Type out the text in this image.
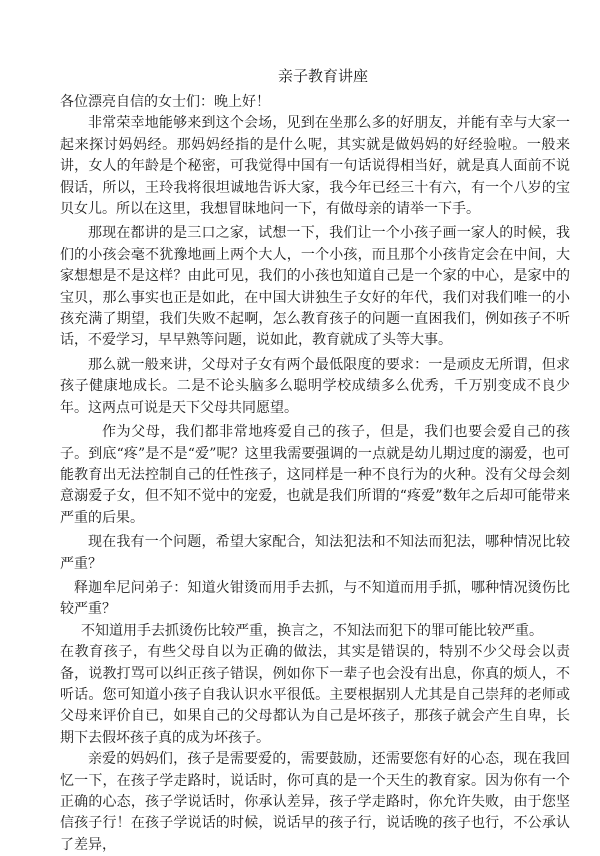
亲子教育讲座

各位漂亮自信的女士们：晚上好！

非常荣幸地能够来到这个会场，见到在坐那么多的好朋友，并能有幸与大家一起来探讨妈妈经。那妈妈经指的是什么呢，其实就是做妈妈的好经验啦。一般来讲，女人的年龄是个秘密，可我觉得中国有一句话说得相当好，就是真人面前不说假话，所以，王玲我将很坦诚地告诉大家，我今年已经三十有六，有一个八岁的宝贝女儿。所以在这里，我想冒昧地问一下，有做母亲的请举一下手。

那现在都讲的是三口之家，试想一下，我们让一个小孩子画一家人的时候，我们的小孩会毫不犹豫地画上两个大人，一个小孩，而且那个小孩肯定会在中间，大家想想是不是这样？由此可见，我们的小孩也知道自己是一个家的中心，是家中的宝贝，那么事实也正是如此，在中国大讲独生子女好的年代，我们对我们唯一的小孩充满了期望，我们失败不起啊，怎么教育孩子的问题一直困我们，例如孩子不听话，不爱学习，早早熟等问题，说如此，教育就成了头等大事。

那么就一般来讲，父母对子女有两个最低限度的要求：一是顽皮无所谓，但求孩子健康地成长。二是不论头脑多么聪明学校成绩多么优秀，千万别变成不良少年。这两点可说是天下父母共同愿望。

作为父母，我们都非常地疼爱自己的孩子，但是，我们也要会爱自己的孩子。到底“疼”是不是“爱”呢？这里我需要强调的一点就是幼儿期过度的溺爱，也可能教育出无法控制自己的任性孩子，这同样是一种不良行为的火种。没有父母会刻意溺爱子女，但不知不觉中的宠爱，也就是我们所谓的“疼爱”数年之后却可能带来严重的后果。

现在我有一个问题，希望大家配合，知法犯法和不知法而犯法，哪种情况比较严重？

释迦牟尼问弟子：知道火钳烫而用手去抓，与不知道而用手抓，哪种情况烫伤比较严重？

不知道用手去抓烫伤比较严重，换言之，不知法而犯下的罪可能比较严重。

在教育孩子，有些父母自以为正确的做法，其实是错误的，特别不少父母会以责备，说教打骂可以纠正孩子错误，例如你下一辈子也会没有出息，你真的烦人，不听话。您可知道小孩子自我认识水平很低。主要根据别人尤其是自己崇拜的老师或父母来评价自已，如果自己的父母都认为自己是坏孩子，那孩子就会产生自卑，长期下去假坏孩子真的成为坏孩子。

亲爱的妈妈们，孩子是需要爱的，需要鼓励，还需要您有好的心态，现在我回忆一下，在孩子学走路时，说话时，你可真的是一个天生的教育家。因为你有一个正确的心态，孩子学说话时，你承认差异，孩子学走路时，你允许失败，由于您坚信孩子行！在孩子学说话的时候，说话早的孩子行，说话晚的孩子也行，不公承认了差异，
